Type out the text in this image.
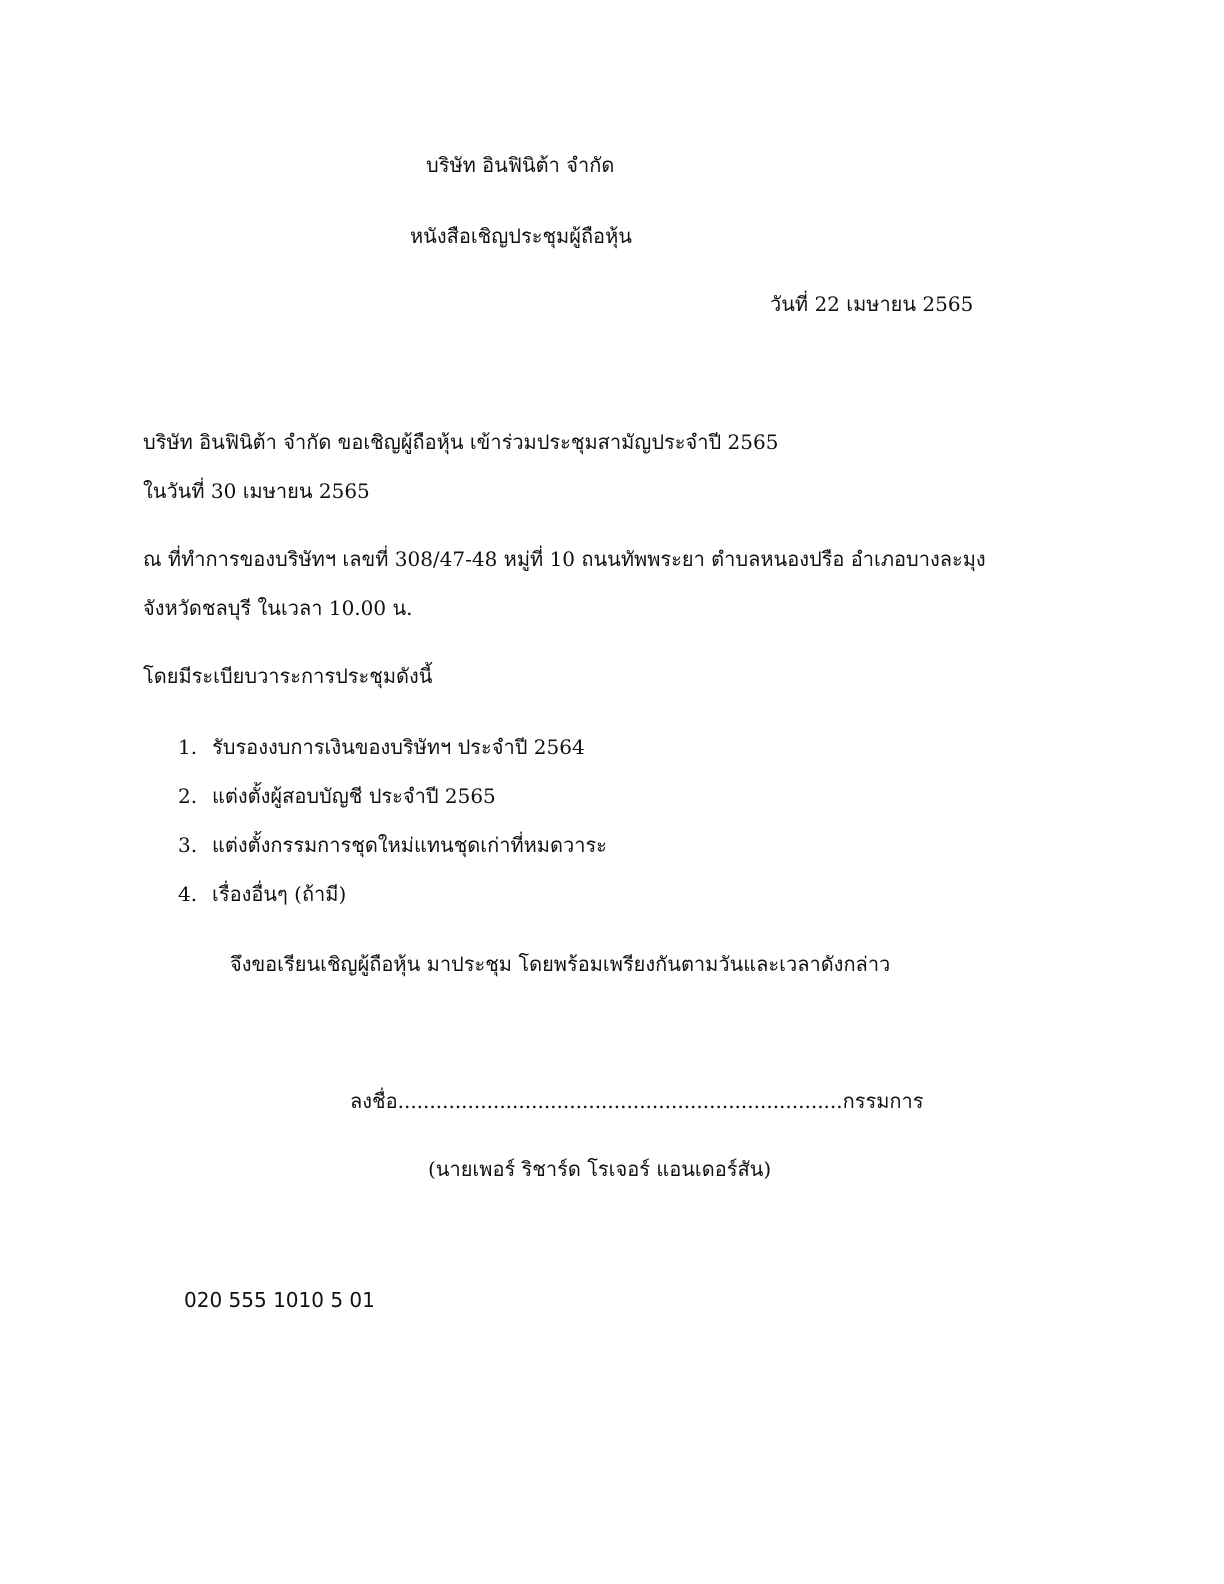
บริษัท อินฟินิต้า จำกัด
หนังสือเชิญประชุมผู้ถือหุ้น
วันที่ 22 เมษายน 2565
บริษัท อินฟินิต้า จำกัด ขอเชิญผู้ถือหุ้น เข้าร่วมประชุมสามัญประจำปี 2565
ในวันที่ 30 เมษายน 2565
ณ ที่ทำการของบริษัทฯ เลขที่ 308/47-48 หมู่ที่ 10 ถนนทัพพระยา ตำบลหนองปรือ อำเภอบางละมุง
จังหวัดชลบุรี ในเวลา 10.00 น.
โดยมีระเบียบวาระการประชุมดังนี้
1. รับรองงบการเงินของบริษัทฯ ประจำปี 2564
2. แต่งตั้งผู้สอบบัญชี ประจำปี 2565
3. แต่งตั้งกรรมการชุดใหม่แทนชุดเก่าที่หมดวาระ
4. เรื่องอื่นๆ (ถ้ามี)
จึงขอเรียนเชิญผู้ถือหุ้น มาประชุม โดยพร้อมเพรียงกันตามวันและเวลาดังกล่าว
ลงชื่อ......................................................................กรรมการ
(นายเพอร์ ริชาร์ด โรเจอร์ แอนเดอร์สัน)
020 555 1010 5 01
